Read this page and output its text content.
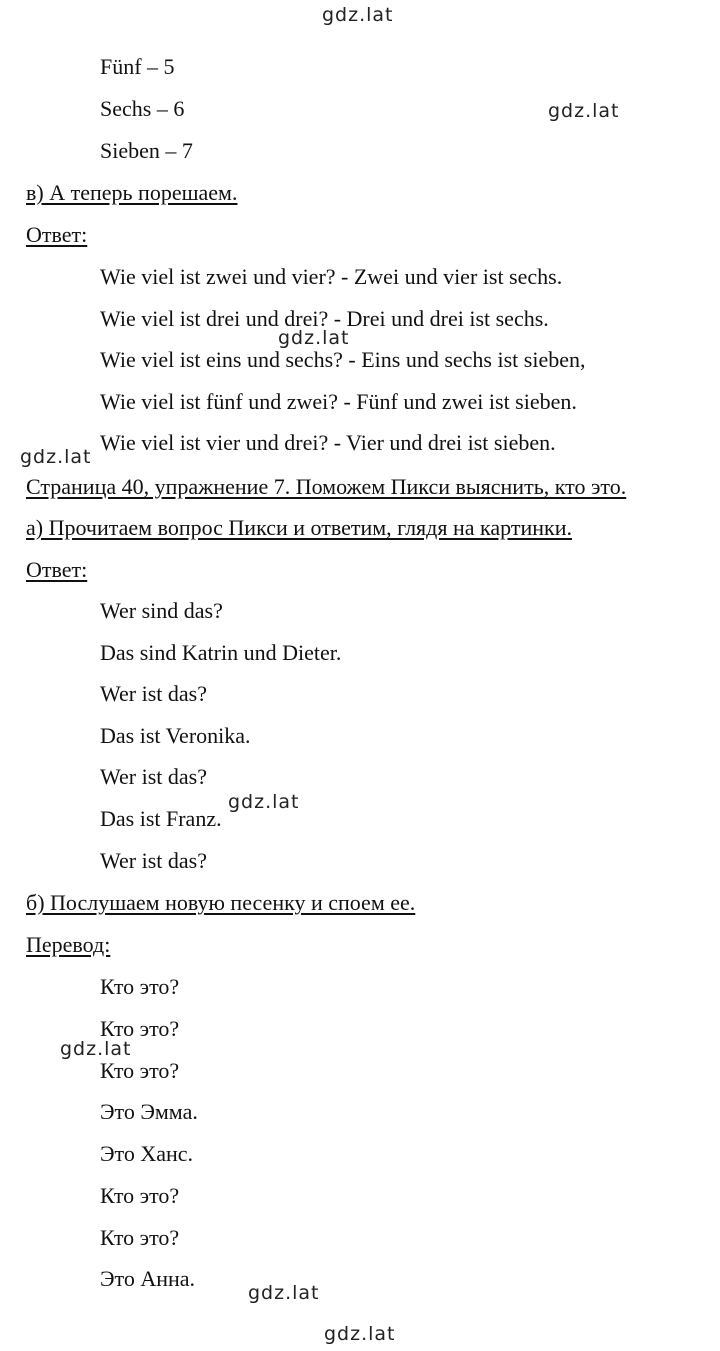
Fünf – 5
Sechs – 6
Sieben – 7
в) А теперь порешаем.
Ответ:
Wie viel ist zwei und vier? - Zwei und vier ist sechs.
Wie viel ist drei und drei? - Drei und drei ist sechs.
Wie viel ist eins und sechs? - Eins und sechs ist sieben,
Wie viel ist fünf und zwei? - Fünf und zwei ist sieben.
Wie viel ist vier und drei? - Vier und drei ist sieben.
Страница 40, упражнение 7. Поможем Пикси выяснить, кто это.
а) Прочитаем вопрос Пикси и ответим, глядя на картинки.
Ответ:
Wer sind das?
Das sind Katrin und Dieter.
Wer ist das?
Das ist Veronika.
Wer ist das?
Das ist Franz.
Wer ist das?
б) Послушаем новую песенку и споем ее.
Перевод:
Кто это?
Кто это?
Кто это?
Это Эмма.
Это Ханс.
Кто это?
Кто это?
Это Анна.
gdz.lat
gdz.lat
gdz.lat
gdz.lat
gdz.lat
gdz.lat
gdz.lat
gdz.lat
